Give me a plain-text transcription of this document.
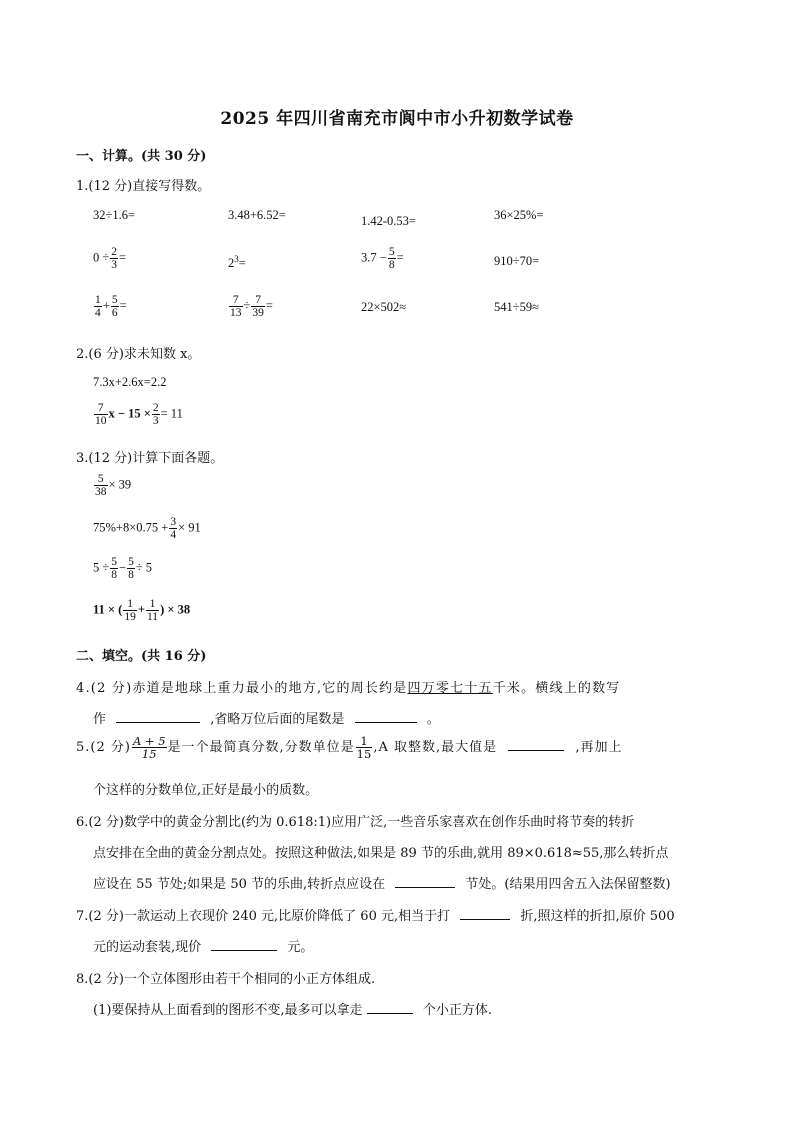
2025 年四川省南充市阆中市小升初数学试卷
一、计算。(共 30 分)
1.(12 分)直接写得数。
32÷1.6=	3.48+6.52=	1.42-0.53=	36×25%=
$0 \div \frac{2}{3}$ =	$2^3=$	$3.7 - \frac{5}{8}$ =	910÷70=
$\frac{1}{4} + \frac{5}{6}$ =	$\frac{7}{13} \div \frac{7}{39}$ =	22×502≈	541÷59≈
2.(6 分)求未知数 x。
7.3x+2.6x=2.2
$\frac{7}{10}$ $x - 15 \times \frac{2}{3} = 11$
3.(12 分)计算下面各题。
$\frac{5}{38} \times 39$
$75\%+8\times 0.75 + \frac{3}{4} \times 91$
$5 \div \frac{5}{8} - \frac{5}{8} \div 5$
11 × ( $\frac{1}{19} + \frac{1}{11}$ ) × 38
二、填空。(共 16 分)
4.(2 分)赤道是地球上重力最小的地方,它的周长约是四万零七十五千米。横线上的数写
作	,省略万位后面的尾数是	。
5.(2 分) $\frac{A + 5}{15}$ 是一个最简真分数,分数单位是 $\frac{1}{15} ,A$ 取整数,最大值是	,再加上
个这样的分数单位,正好是最小的质数。
6.(2 分)数学中的黄金分割比(约为 0.618:1)应用广泛,一些音乐家喜欢在创作乐曲时将节奏的转折
点安排在全曲的黄金分割点处。按照这种做法,如果是 89 节的乐曲,就用 89×0.618≈55,那么转折点
应设在 55 节处;如果是 50 节的乐曲,转折点应设在	节处。(结果用四舍五入法保留整数)
7.(2 分)一款运动上衣现价 240 元,比原价降低了 60 元,相当于打	折,照这样的折扣,原价 500
元的运动套装,现价	元。
8.(2 分)一个立体图形由若干个相同的小正方体组成.
(1)要保持从上面看到的图形不变,最多可以拿走	个小正方体.
